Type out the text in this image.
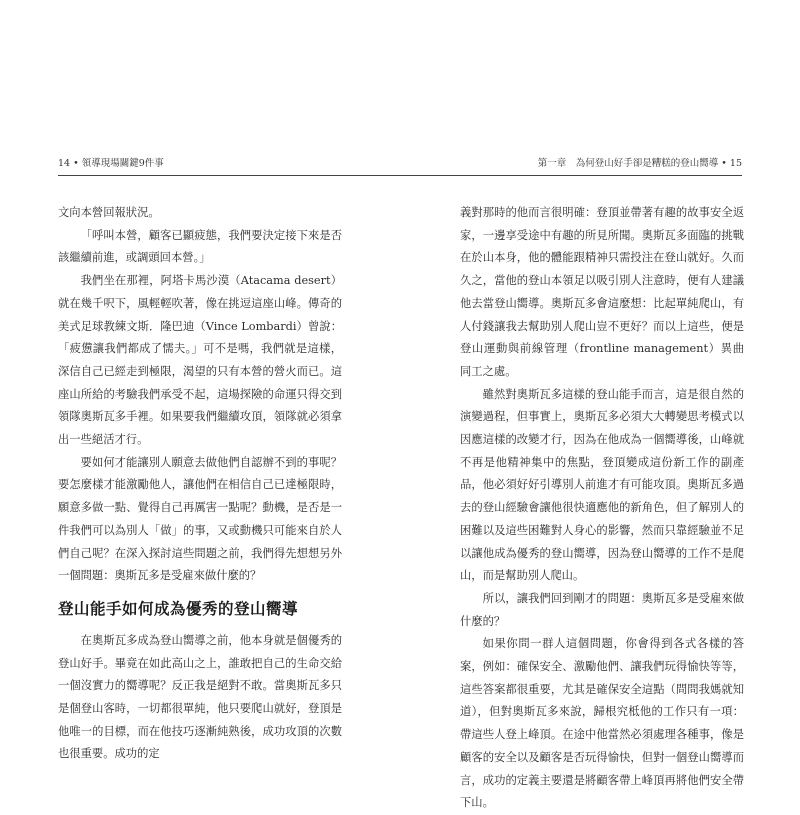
14 • 領導現場關鍵9件事

文向本營回報狀況。

「呼叫本營，顧客已顯疲態，我們要決定接下來是否該繼續前進，或調頭回本營。」

我們坐在那裡，阿塔卡馬沙漠（Atacama desert）就在幾千呎下，風輕輕吹著，像在挑逗這座山峰。傳奇的美式足球教練文斯．隆巴迪（Vince Lombardi）曾說：「疲憊讓我們都成了懦夫。」可不是嗎，我們就是這樣，深信自己已經走到極限，渴望的只有本營的營火而已。這座山所給的考驗我們承受不起，這場探險的命運只得交到領隊奧斯瓦多手裡。如果要我們繼續攻頂，領隊就必須拿出一些絕活才行。

要如何才能讓別人願意去做他們自認辦不到的事呢？要怎麼樣才能激勵他人，讓他們在相信自己已達極限時，願意多做一點、覺得自己再厲害一點呢？動機，是否是一件我們可以為別人「做」的事，又或動機只可能來自於人們自己呢？在深入探討這些問題之前，我們得先想想另外一個問題：奧斯瓦多是受雇來做什麼的？

登山能手如何成為優秀的登山嚮導

在奧斯瓦多成為登山嚮導之前，他本身就是個優秀的登山好手。畢竟在如此高山之上，誰敢把自己的生命交給一個沒實力的嚮導呢？反正我是絕對不敢。當奧斯瓦多只是個登山客時，一切都很單純，他只要爬山就好，登頂是他唯一的目標，而在他技巧逐漸純熟後，成功攻頂的次數也很重要。成功的定

第一章　為何登山好手卻是糟糕的登山嚮導 • 15

義對那時的他而言很明確：登頂並帶著有趣的故事安全返家，一邊享受途中有趣的所見所聞。奧斯瓦多面臨的挑戰在於山本身，他的體能跟精神只需投注在登山就好。久而久之，當他的登山本領足以吸引別人注意時，便有人建議他去當登山嚮導。奧斯瓦多會這麼想：比起單純爬山，有人付錢讓我去幫助別人爬山豈不更好？而以上這些，便是登山運動與前線管理（frontline management）異曲同工之處。

雖然對奧斯瓦多這樣的登山能手而言，這是很自然的演變過程，但事實上，奧斯瓦多必須大大轉變思考模式以因應這樣的改變才行，因為在他成為一個嚮導後，山峰就不再是他精神集中的焦點，登頂變成這份新工作的副產品，他必須好好引導別人前進才有可能攻頂。奧斯瓦多過去的登山經驗會讓他很快適應他的新角色，但了解別人的困難以及這些困難對人身心的影響，然而只靠經驗並不足以讓他成為優秀的登山嚮導，因為登山嚮導的工作不是爬山，而是幫助別人爬山。

所以，讓我們回到剛才的問題：奧斯瓦多是受雇來做什麼的？

如果你問一群人這個問題，你會得到各式各樣的答案，例如：確保安全、激勵他們、讓我們玩得愉快等等，這些答案都很重要，尤其是確保安全這點（問問我媽就知道），但對奧斯瓦多來說，歸根究柢他的工作只有一項：帶這些人登上峰頂。在途中他當然必須處理各種事，像是顧客的安全以及顧客是否玩得愉快，但對一個登山嚮導而言，成功的定義主要還是將顧客帶上峰頂再將他們安全帶下山。
